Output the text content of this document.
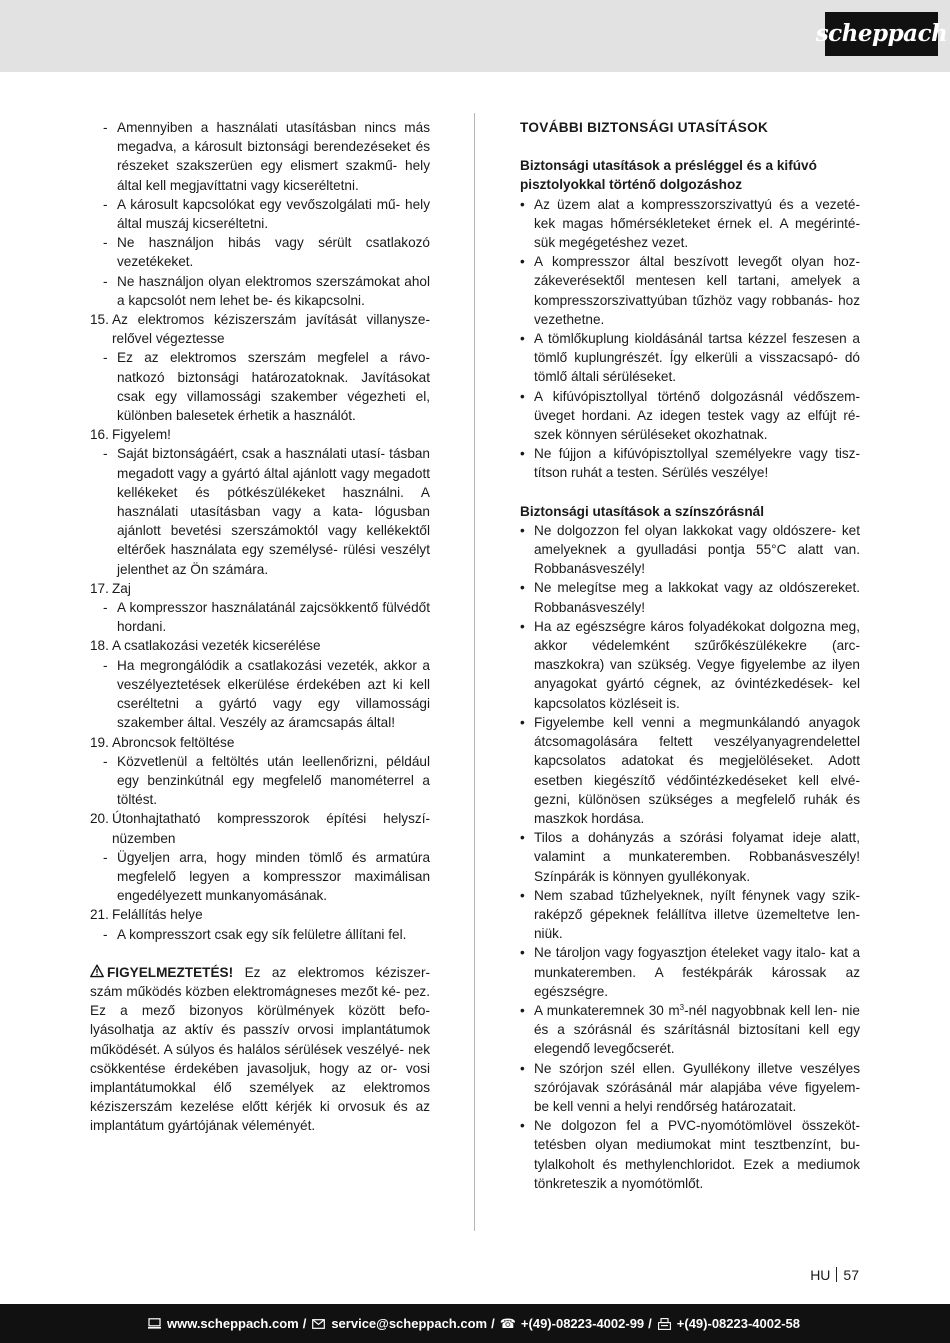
scheppach

- Amennyiben a használati utasításban nincs más megadva, a károsult biztonsági berendezéseket és részeket szakszerüen egy elismert szakmű- hely által kell megjavíttatni vagy kicseréltetni.

- A károsult kapcsolókat egy vevőszolgálati mű- hely által muszáj kicseréltetni.

- Ne használjon hibás vagy sérült csatlakozó vezetékeket.

- Ne használjon olyan elektromos szerszámokat ahol a kapcsolót nem lehet be- és kikapcsolni.

15. Az elektromos kéziszerszám javítását villanysze- relővel végeztesse

- Ez az elektromos szerszám megfelel a rávo- natkozó biztonsági határozatoknak. Javításokat csak egy villamossági szakember végezheti el, különben balesetek érhetik a használót.

16. Figyelem!

- Saját biztonságáért, csak a használati utasí- tásban megadott vagy a gyártó által ajánlott vagy megadott kellékeket és pótkészülékeket használni. A használati utasításban vagy a kata- lógusban ajánlott bevetési szerszámoktól vagy kellékektől eltérőek használata egy személysé- rülési veszélyt jelenthet az Ön számára.

17. Zaj

- A kompresszor használatánál zajcsökkentő fülvédőt hordani.

18. A csatlakozási vezeték kicserélése

- Ha megrongálódik a csatlakozási vezeték, akkor a veszélyeztetések elkerülése érdekében azt ki kell cseréltetni a gyártó vagy egy villamossági szakember által. Veszély az áramcsapás által!

19. Abroncsok feltöltése

- Közvetlenül a feltöltés után leellenőrizni, például egy benzinkútnál egy megfelelő manométerrel a töltést.

20. Útonhajtatható kompresszorok építési helyszí- nüzemben

- Ügyeljen arra, hogy minden tömlő és armatúra megfelelő legyen a kompresszor maximálisan engedélyezett munkanyomásának.

21. Felállítás helye

- A kompresszort csak egy sík felületre állítani fel.

FIGYELMEZTETÉS! Ez az elektromos kéziszer- szám működés közben elektromágneses mezőt ké- pez. Ez a mező bizonyos körülmények között befo- lyásolhatja az aktív és passzív orvosi implantátumok működését. A súlyos és halálos sérülések veszélyé- nek csökkentése érdekében javasoljuk, hogy az or- vosi implantátumokkal élő személyek az elektromos kéziszerszám kezelése előtt kérjék ki orvosuk és az implantátum gyártójának véleményét.

TOVÁBBI BIZTONSÁGI UTASÍTÁSOK

Biztonsági utasítások a présléggel és a kifúvó pisztolyokkal történő dolgozáshoz

• Az üzem alat a kompresszorszivattyú és a vezeté- kek magas hőmérsékleteket érnek el. A megérinté- sük megégetéshez vezet.

• A kompresszor által beszívott levegőt olyan hoz- zákeverésektől mentesen kell tartani, amelyek a kompresszorszivattyúban tűzhöz vagy robbanás- hoz vezethetne.

• A tömlőkuplung kioldásánál tartsa kézzel feszesen a tömlő kuplungrészét. Így elkerüli a visszacsapó- dó tömlő általi sérüléseket.

• A kifúvópisztollyal történő dolgozásnál védőszem- üveget hordani. Az idegen testek vagy az elfújt ré- szek könnyen sérüléseket okozhatnak.

• Ne fújjon a kifúvópisztollyal személyekre vagy tisz- títson ruhát a testen. Sérülés veszélye!

Biztonsági utasítások a színszórásnál

• Ne dolgozzon fel olyan lakkokat vagy oldószere- ket amelyeknek a gyulladási pontja 55°C alatt van. Robbanásveszély!

• Ne melegítse meg a lakkokat vagy az oldószereket. Robbanásveszély!

• Ha az egészségre káros folyadékokat dolgozna meg, akkor védelemként szűrőkészülékekre (arc- maszkokra) van szükség. Vegye figyelembe az ilyen anyagokat gyártó cégnek, az óvintézkedések- kel kapcsolatos közléseit is.

• Figyelembe kell venni a megmunkálandó anyagok átcsomagolására feltett veszélyanyagrendelettel kapcsolatos adatokat és megjelöléseket. Adott esetben kiegészítő védőintézkedéseket kell elvé- gezni, különösen szükséges a megfelelő ruhák és maszkok hordása.

• Tilos a dohányzás a szórási folyamat ideje alatt, valamint a munkateremben. Robbanásveszély! Színpárák is könnyen gyullékonyak.

• Nem szabad tűzhelyeknek, nyílt fénynek vagy szik- raképző gépeknek felállítva illetve üzemeltetve len- niük.

• Ne tároljon vagy fogyasztjon ételeket vagy italo- kat a munkateremben. A festékpárák károssak az egészségre.

• A munkateremnek 30 $m^3$-nél nagyobbnak kell len- nie és a szórásnál és szárításnál biztosítani kell egy elegendő levegőcserét.

• Ne szórjon szél ellen. Gyullékony illetve veszélyes szórójavak szórásánál már alapjába véve figyelem- be kell venni a helyi rendőrség határozatait.

• Ne dolgozon fel a PVC-nyomótömlövel összeköt- tetésben olyan mediumokat mint tesztbenzínt, bu- tylalkoholt és methylenchloridot. Ezek a mediumok tönkreteszik a nyomótömlőt.

HU 57
www.scheppach.com / service@scheppach.com / ☎ +(49)-08223-4002-99 / +(49)-08223-4002-58
